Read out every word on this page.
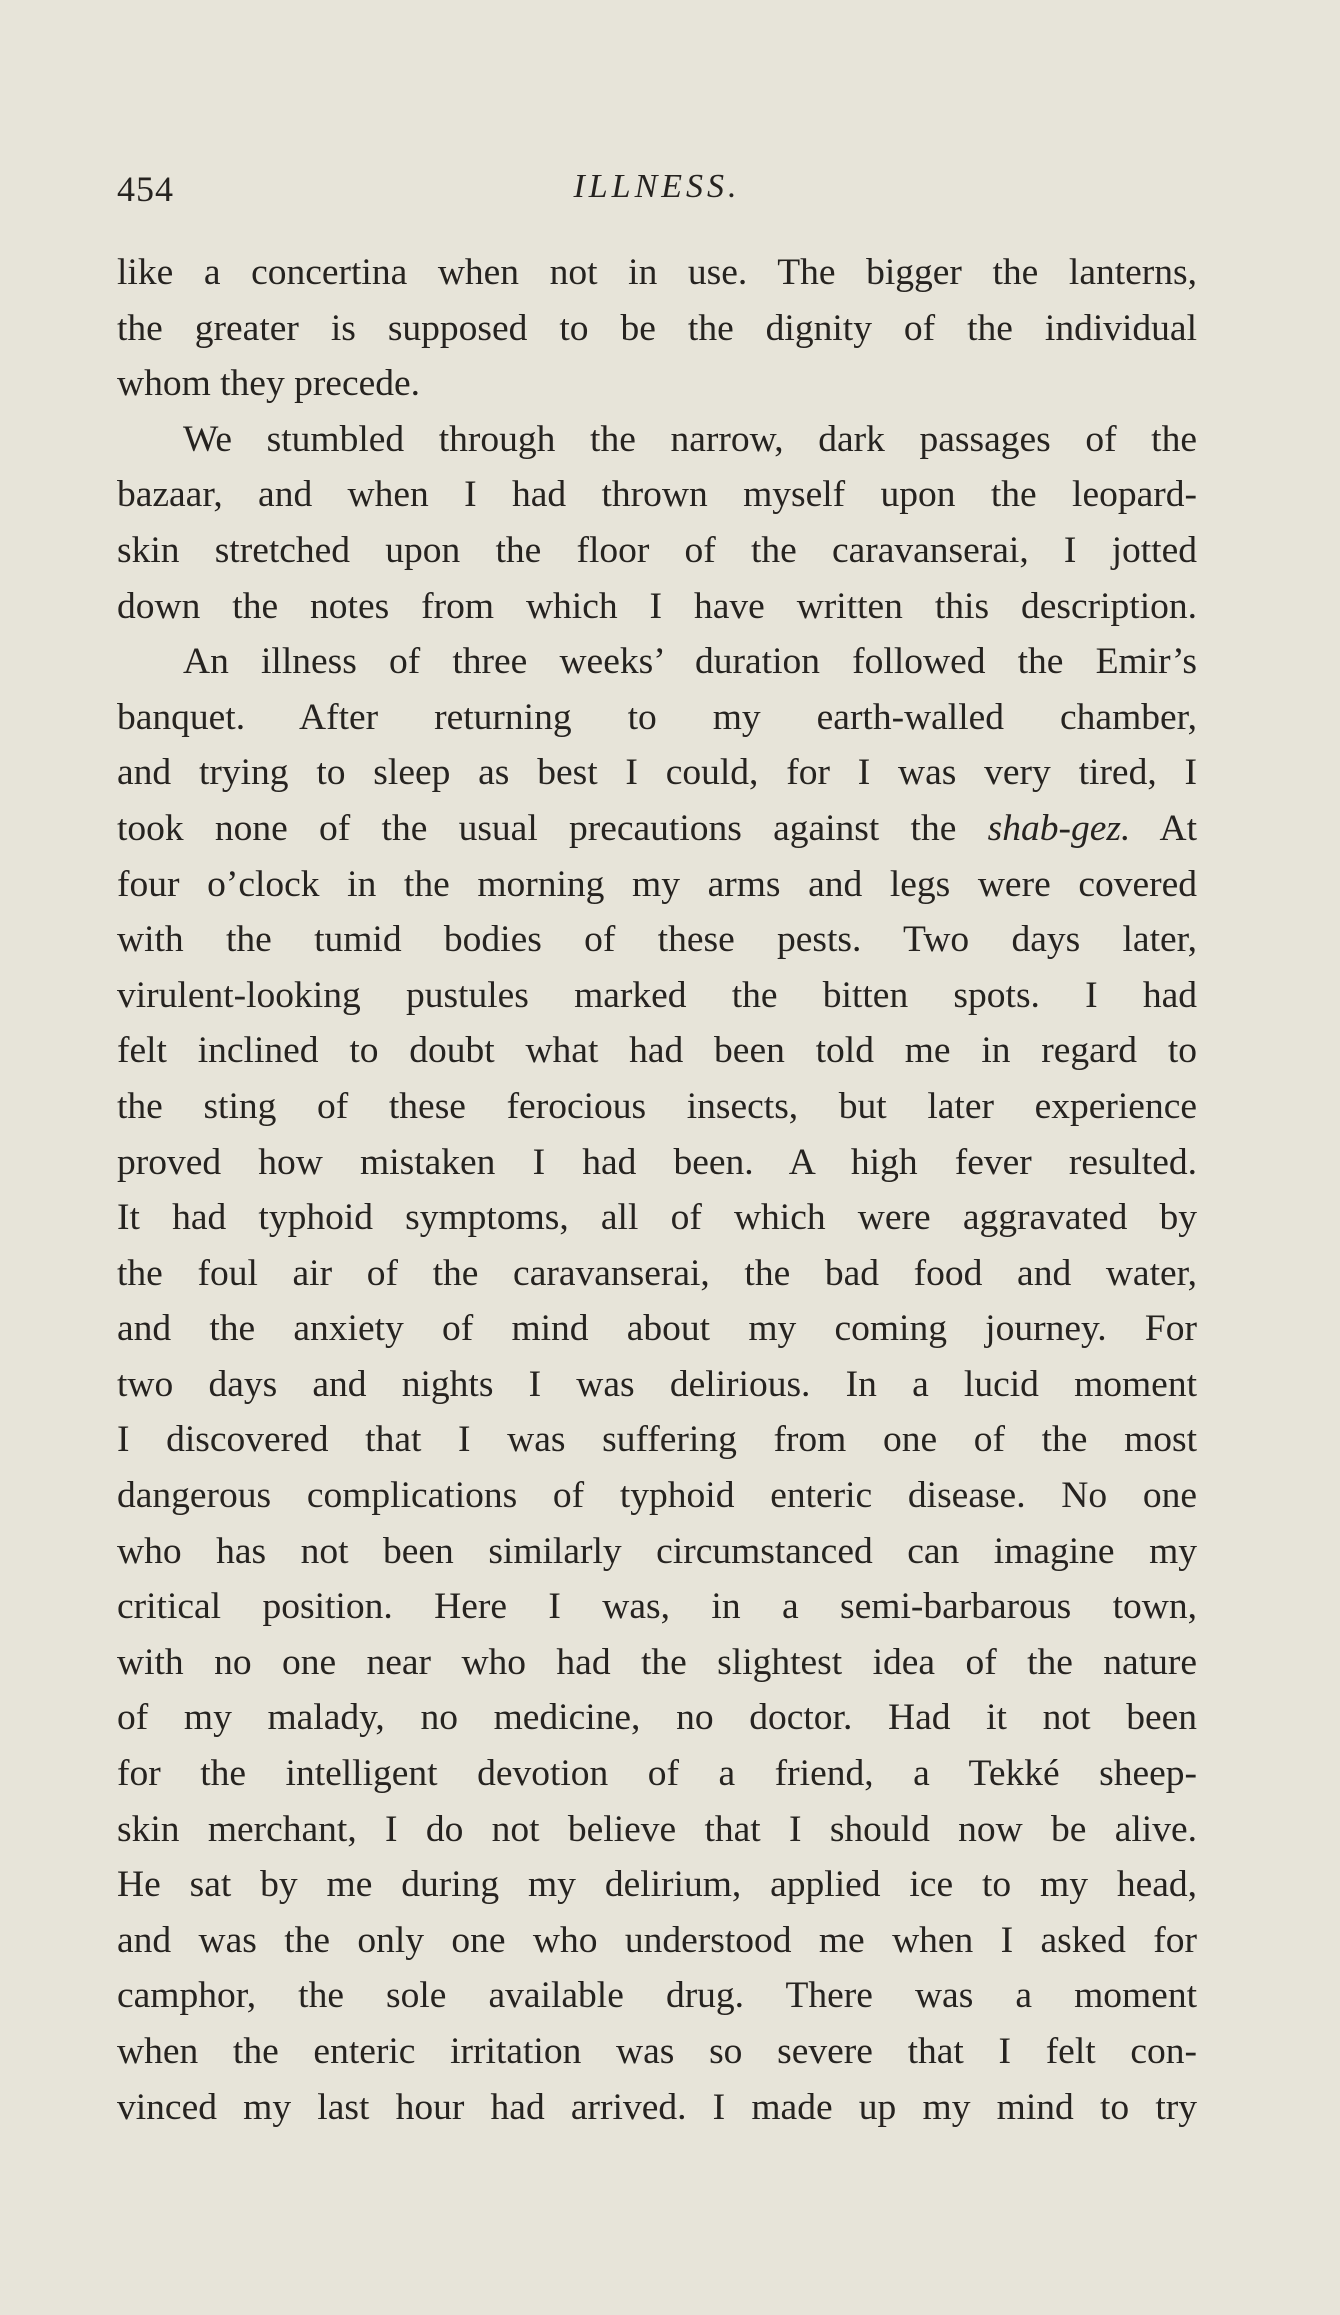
454	ILLNESS.
like a concertina when not in use. The bigger the lanterns,
the greater is supposed to be the dignity of the individual
whom they precede.
We stumbled through the narrow, dark passages of the
bazaar, and when I had thrown myself upon the leopard-
skin stretched upon the floor of the caravanserai, I jotted
down the notes from which I have written this description.
An illness of three weeks’ duration followed the Emir’s
banquet. After returning to my earth-walled chamber,
and trying to sleep as best I could, for I was very tired, I
took none of the usual precautions against the shab-gez. At
four o’clock in the morning my arms and legs were covered
with the tumid bodies of these pests. Two days later,
virulent-looking pustules marked the bitten spots. I had
felt inclined to doubt what had been told me in regard to
the sting of these ferocious insects, but later experience
proved how mistaken I had been. A high fever resulted.
It had typhoid symptoms, all of which were aggravated by
the foul air of the caravanserai, the bad food and water,
and the anxiety of mind about my coming journey. For
two days and nights I was delirious. In a lucid moment
I discovered that I was suffering from one of the most
dangerous complications of typhoid enteric disease. No one
who has not been similarly circumstanced can imagine my
critical position. Here I was, in a semi-barbarous town,
with no one near who had the slightest idea of the nature
of my malady, no medicine, no doctor. Had it not been
for the intelligent devotion of a friend, a Tekké sheep-
skin merchant, I do not believe that I should now be alive.
He sat by me during my delirium, applied ice to my head,
and was the only one who understood me when I asked for
camphor, the sole available drug. There was a moment
when the enteric irritation was so severe that I felt con-
vinced my last hour had arrived. I made up my mind to try
